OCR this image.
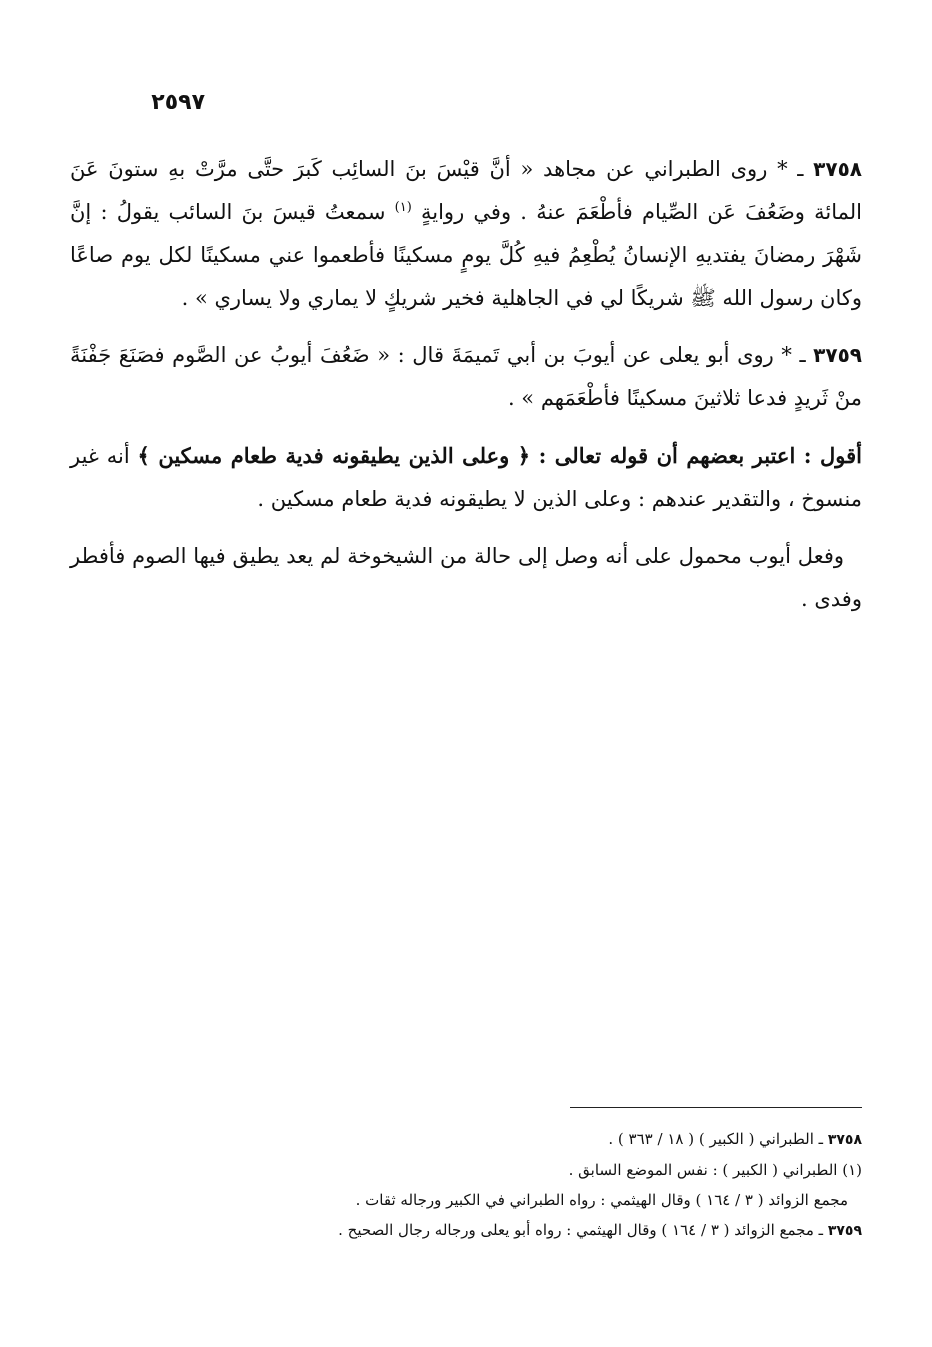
٢٥٩٧

٣٧٥٨ ـ * روى الطبراني عن مجاهد « أنَّ قيْسَ بنَ السائِب كَبرَ حتَّى مرَّتْ بهِ ستونَ عَنَ المائة وضَعُفَ عَن الصِّيام فأطْعَمَ عنهُ . وفي روايةٍ $^{(١)}$ سمعتُ قيسَ بنَ السائب يقولُ : إنَّ شَهْرَ رمضانَ يفتديهِ الإنسانُ يُطْعِمُ فيهِ كُلَّ يومٍ مسكينًا فأطعموا عني مسكينًا لكل يوم صاعًا وكان رسول الله ﷺ شريكًا لي في الجاهلية فخير شريكٍ لا يماري ولا يساري » .

٣٧٥٩ ـ * روى أبو يعلى عن أيوبَ بن أبي تَميمَةَ قال : « ضَعُفَ أيوبُ عن الصَّوم فصَنَعَ جَفْنَةً منْ ثَريدٍ فدعا ثلاثينَ مسكينًا فأطْعَمَهم » .

أقول : اعتبر بعضهم أن قوله تعالى : ﴿ وعلى الذين يطيقونه فدية طعام مسكين ﴾ أنه غير منسوخ ، والتقدير عندهم : وعلى الذين لا يطيقونه فدية طعام مسكين .

وفعل أيوب محمول على أنه وصل إلى حالة من الشيخوخة لم يعد يطيق فيها الصوم فأفطر وفدى .

٣٧٥٨ ـ الطبراني ( الكبير ) ( ١٨ / ٣٦٣ ) .
(١) الطبراني ( الكبير ) : نفس الموضع السابق .
مجمع الزوائد ( ٣ / ١٦٤ ) وقال الهيثمي : رواه الطبراني في الكبير ورجاله ثقات .
٣٧٥٩ ـ مجمع الزوائد ( ٣ / ١٦٤ ) وقال الهيثمي : رواه أبو يعلى ورجاله رجال الصحيح .
